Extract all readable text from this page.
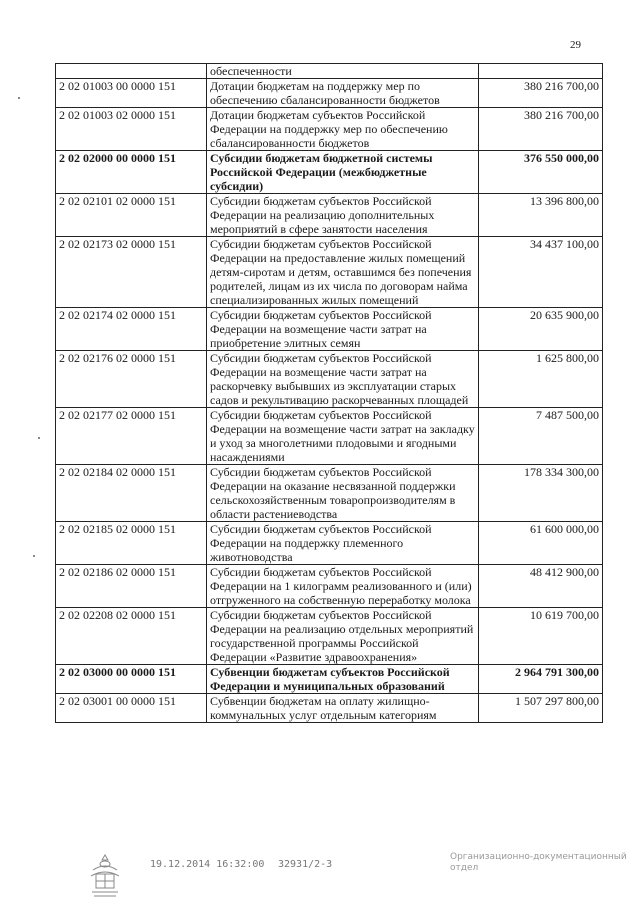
29
	обеспеченности	
2 02 01003 00 0000 151	Дотации бюджетам на поддержку мер по обеспечению сбалансированности бюджетов	380 216 700,00
2 02 01003 02 0000 151	Дотации бюджетам субъектов Российской Федерации на поддержку мер по обеспечению сбалансированности бюджетов	380 216 700,00
2 02 02000 00 0000 151	Субсидии бюджетам бюджетной системы Российской Федерации (межбюджетные субсидии)	376 550 000,00
2 02 02101 02 0000 151	Субсидии бюджетам субъектов Российской Федерации на реализацию дополнительных мероприятий в сфере занятости населения	13 396 800,00
2 02 02173 02 0000 151	Субсидии бюджетам субъектов Российской Федерации на предоставление жилых помещений детям-сиротам и детям, оставшимся без попечения родителей, лицам из их числа по договорам найма специализированных жилых помещений	34 437 100,00
2 02 02174 02 0000 151	Субсидии бюджетам субъектов Российской Федерации на возмещение части затрат на приобретение элитных семян	20 635 900,00
2 02 02176 02 0000 151	Субсидии бюджетам субъектов Российской Федерации на возмещение части затрат на раскорчевку выбывших из эксплуатации старых садов и рекультивацию раскорчеванных площадей	1 625 800,00
2 02 02177 02 0000 151	Субсидии бюджетам субъектов Российской Федерации на возмещение части затрат на закладку и уход за многолетними плодовыми и ягодными насаждениями	7 487 500,00
2 02 02184 02 0000 151	Субсидии бюджетам субъектов Российской Федерации на оказание несвязанной поддержки сельскохозяйственным товаропроизводителям в области растениеводства	178 334 300,00
2 02 02185 02 0000 151	Субсидии бюджетам субъектов Российской Федерации на поддержку племенного животноводства	61 600 000,00
2 02 02186 02 0000 151	Субсидии бюджетам субъектов Российской Федерации на 1 килограмм реализованного и (или) отгруженного на собственную переработку молока	48 412 900,00
2 02 02208 02 0000 151	Субсидии бюджетам субъектов Российской Федерации на реализацию отдельных мероприятий государственной программы Российской Федерации «Развитие здравоохранения»	10 619 700,00
2 02 03000 00 0000 151	Субвенции бюджетам субъектов Российской Федерации и муниципальных образований	2 964 791 300,00
2 02 03001 00 0000 151	Субвенции бюджетам на оплату жилищно-коммунальных услуг отдельным категориям	1 507 297 800,00
19.12.2014 16:32:00 32931/2-3
Организационно-документационный отдел
